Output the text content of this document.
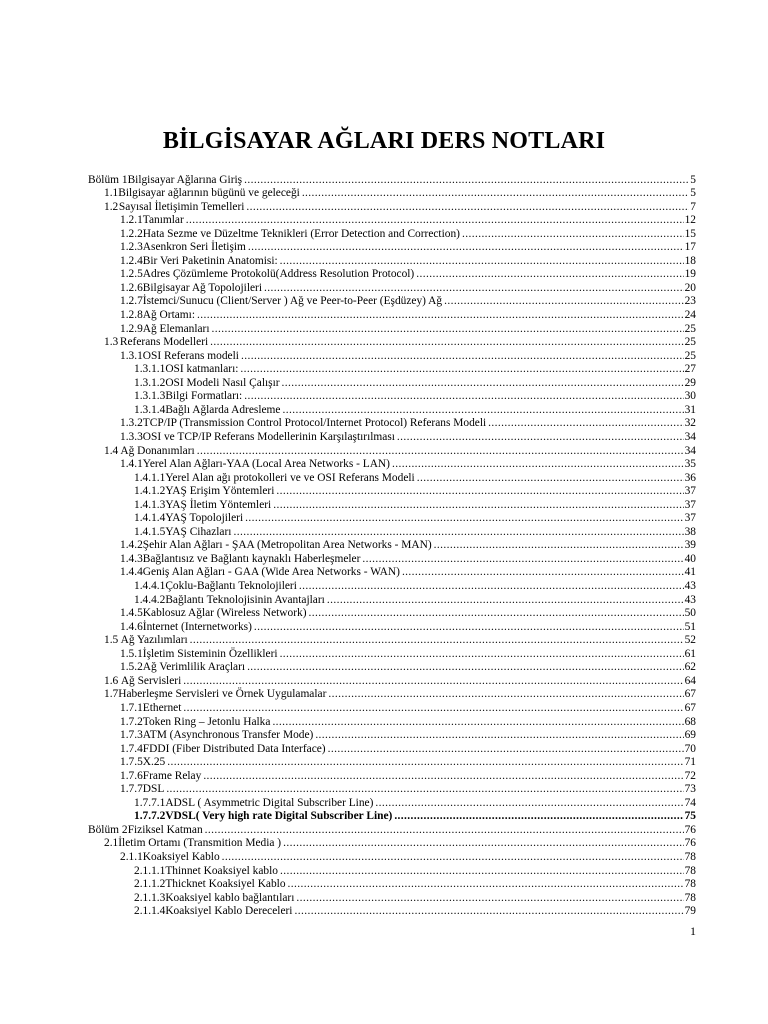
BİLGİSAYAR AĞLARI DERS NOTLARI
Bölüm 1 Bilgisayar Ağlarına Giriş .....	5
1.1 Bilgisayar ağlarının bügünü ve geleceği .....	5
1.2 Sayısal İletişimin Temelleri .....	7
1.2.1 Tanımlar .....	12
1.2.2 Hata Sezme ve Düzeltme Teknikleri (Error Detection and Correction) .....	15
1.2.3 Asenkron Seri İletişim .....	17
1.2.4 Bir Veri Paketinin Anatomisi: .....	18
1.2.5 Adres Çözümleme Protokolü(Address Resolution Protocol) .....	19
1.2.6 Bilgisayar Ağ Topolojileri .....	20
1.2.7 İstemci/Sunucu (Client/Server ) Ağ ve Peer-to-Peer (Eşdüzey) Ağ .....	23
1.2.8 Ağ Ortamı: .....	24
1.2.9 Ağ Elemanları .....	25
1.3 Referans Modelleri .....	25
1.3.1 OSI Referans modeli .....	25
1.3.1.1 OSI katmanları: .....	27
1.3.1.2 OSI Modeli Nasıl Çalışır .....	29
1.3.1.3 Bilgi Formatları: .....	30
1.3.1.4 Bağlı Ağlarda Adresleme .....	31
1.3.2 TCP/IP (Transmission Control Protocol/Internet Protocol) Referans Modeli .....	32
1.3.3 OSI ve TCP/IP Referans Modellerinin Karşılaştırılması .....	34
1.4 Ağ Donanımları .....	34
1.4.1 Yerel Alan Ağları-YAA (Local Area Networks - LAN) .....	35
1.4.1.1 Yerel Alan ağı protokolleri ve ve OSI Referans Modeli .....	36
1.4.1.2 YAŞ Erişim Yöntemleri .....	37
1.4.1.3 YAŞ İletim Yöntemleri .....	37
1.4.1.4 YAŞ Topolojileri .....	37
1.4.1.5 YAŞ Cihazları .....	38
1.4.2 Şehir Alan Ağları - ŞAA (Metropolitan Area Networks - MAN) .....	39
1.4.3 Bağlantısız ve Bağlantı kaynaklı Haberleşmeler .....	40
1.4.4 Geniş Alan Ağları - GAA (Wide Area Networks - WAN) .....	41
1.4.4.1 Çoklu-Bağlantı Teknolojileri .....	43
1.4.4.2 Bağlantı Teknolojisinin Avantajları .....	43
1.4.5 Kablosuz Ağlar (Wireless Network) .....	50
1.4.6 İnternet (Internetworks) .....	51
1.5 Ağ Yazılımları .....	52
1.5.1 İşletim Sisteminin Özellikleri .....	61
1.5.2 Ağ Verimlilik Araçları .....	62
1.6 Ağ Servisleri .....	64
1.7 Haberleşme Servisleri ve Örnek Uygulamalar .....	67
1.7.1 Ethernet .....	67
1.7.2 Token Ring – Jetonlu Halka .....	68
1.7.3 ATM (Asynchronous Transfer Mode) .....	69
1.7.4 FDDI (Fiber Distributed Data Interface) .....	70
1.7.5 X.25 .....	71
1.7.6 Frame Relay .....	72
1.7.7 DSL .....	73
1.7.7.1 ADSL ( Asymmetric Digital Subscriber Line) .....	74
1.7.7.2 VDSL( Very high rate Digital Subscriber Line) .....	75
Bölüm 2 Fiziksel Katman .....	76
2.1 İletim Ortamı (Transmition Media ) .....	76
2.1.1 Koaksiyel Kablo .....	78
2.1.1.1 Thinnet Koaksiyel kablo .....	78
2.1.1.2 Thicknet Koaksiyel Kablo .....	78
2.1.1.3 Koaksiyel kablo bağlantıları .....	78
2.1.1.4 Koaksiyel Kablo Dereceleri .....	79
1
